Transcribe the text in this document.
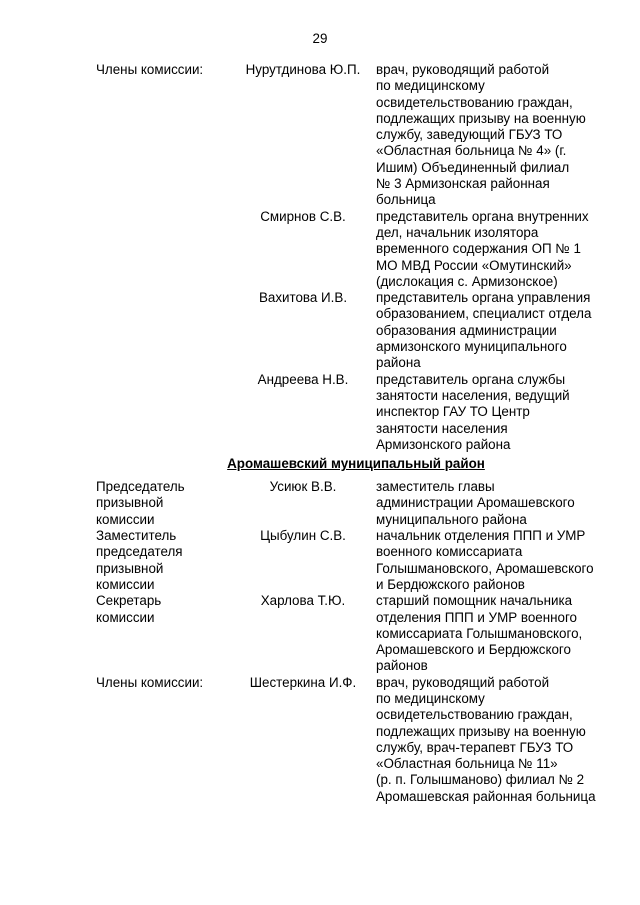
29
Члены комиссии:	Нурутдинова Ю.П.	врач, руководящий работой
по медицинскому
освидетельствованию граждан,
подлежащих призыву на военную
службу, заведующий ГБУЗ ТО
«Областная больница № 4» (г.
Ишим) Объединенный филиал
№ 3 Армизонская районная
больница
Смирнов С.В.	представитель органа внутренних
дел, начальник изолятора
временного содержания ОП № 1
МО МВД России «Омутинский»
(дислокация с. Армизонское)
Вахитова И.В.	представитель органа управления
образованием, специалист отдела
образования администрации
армизонского муниципального
района
Андреева Н.В.	представитель органа службы
занятости населения, ведущий
инспектор ГАУ ТО Центр
занятости населения
Армизонского района
Аромашевский муниципальный район
Председатель
призывной
комиссии
Усиюк В.В.	заместитель главы
администрации Аромашевского
муниципального района
Заместитель
председателя
призывной
комиссии
Цыбулин С.В.	начальник отделения ППП и УМР
военного комиссариата
Голышмановского, Аромашевского
и Бердюжского районов
Секретарь
комиссии
Харлова Т.Ю.	старший помощник начальника
отделения ППП и УМР военного
комиссариата Голышмановского,
Аромашевского и Бердюжского
районов
Члены комиссии:	Шестеркина И.Ф.	врач, руководящий работой
по медицинскому
освидетельствованию граждан,
подлежащих призыву на военную
службу, врач-терапевт ГБУЗ ТО
«Областная больница № 11»
(р. п. Голышманово) филиал № 2
Аромашевская районная больница
